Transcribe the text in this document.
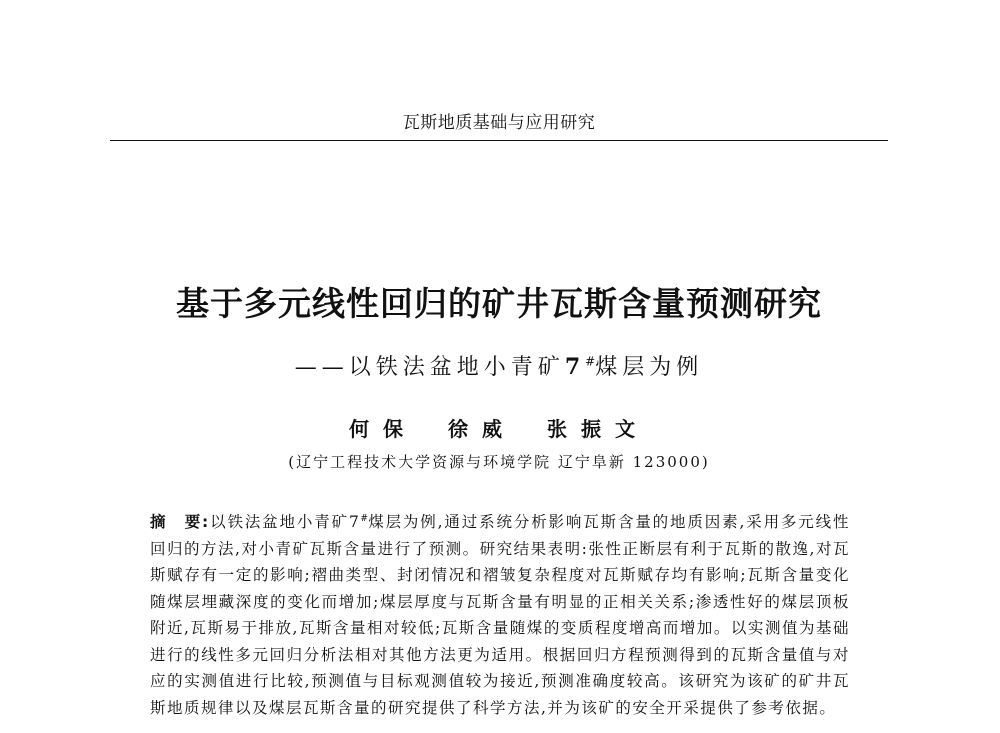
瓦斯地质基础与应用研究
基于多元线性回归的矿井瓦斯含量预测研究
——以铁法盆地小青矿7#煤层为例
何保 徐威 张振文
(辽宁工程技术大学资源与环境学院 辽宁阜新 123000)
摘　要:以铁法盆地小青矿7#煤层为例,通过系统分析影响瓦斯含量的地质因素,采用多元线性回归的方法,对小青矿瓦斯含量进行了预测。研究结果表明:张性正断层有利于瓦斯的散逸,对瓦斯赋存有一定的影响;褶曲类型、封闭情况和褶皱复杂程度对瓦斯赋存均有影响;瓦斯含量变化随煤层埋藏深度的变化而增加;煤层厚度与瓦斯含量有明显的正相关关系;渗透性好的煤层顶板附近,瓦斯易于排放,瓦斯含量相对较低;瓦斯含量随煤的变质程度增高而增加。以实测值为基础进行的线性多元回归分析法相对其他方法更为适用。根据回归方程预测得到的瓦斯含量值与对应的实测值进行比较,预测值与目标观测值较为接近,预测准确度较高。该研究为该矿的矿井瓦斯地质规律以及煤层瓦斯含量的研究提供了科学方法,并为该矿的安全开采提供了参考依据。
